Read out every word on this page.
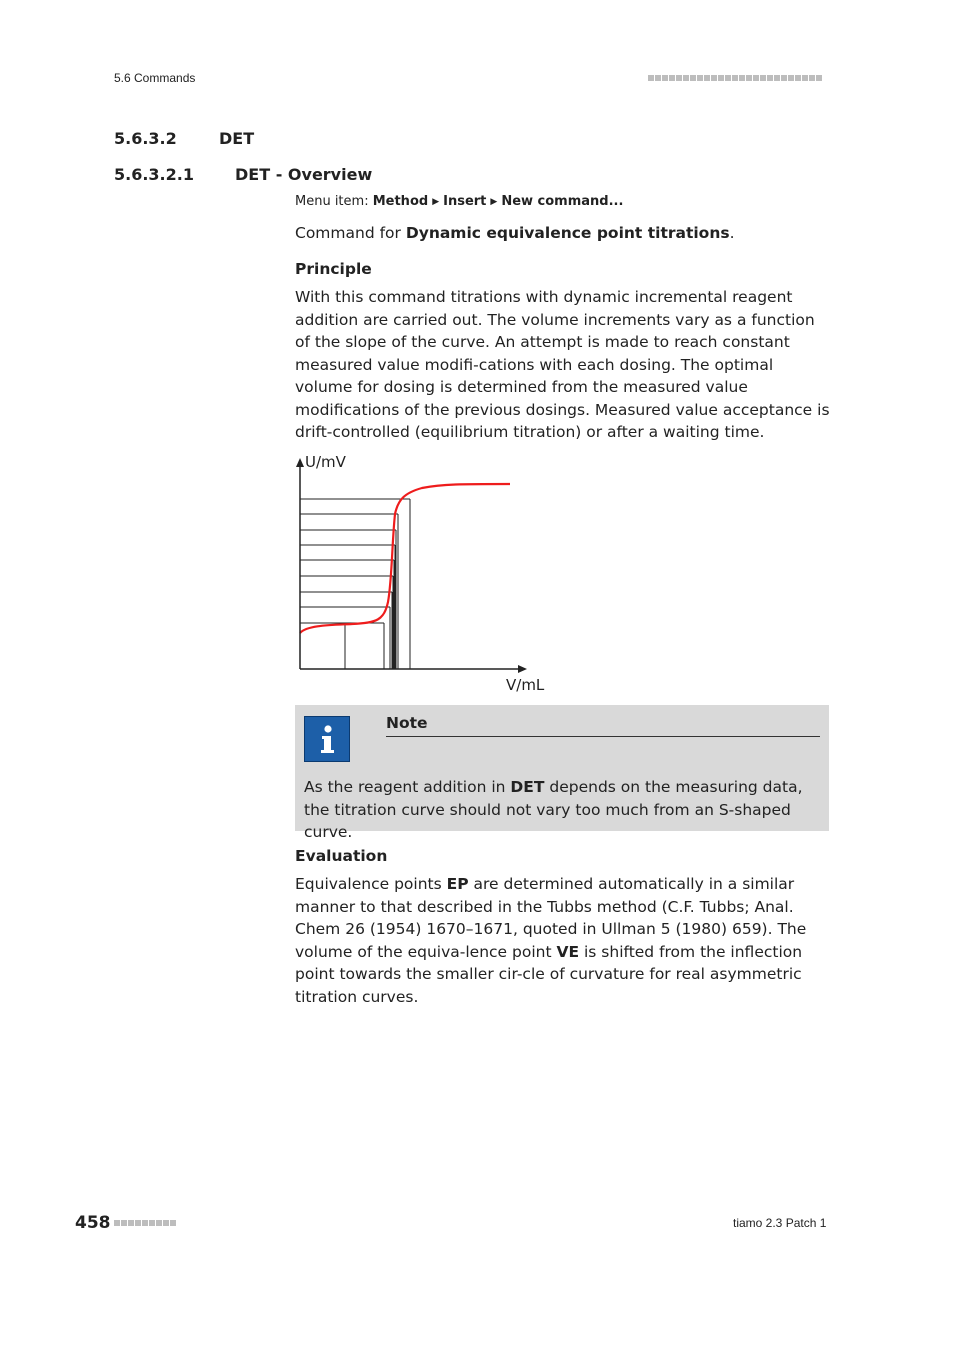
5.6 Commands
5.6.3.2	DET
5.6.3.2.1	DET - Overview
Menu item: Method ▶ Insert ▶ New command...
Command for Dynamic equivalence point titrations.
Principle
With this command titrations with dynamic incremental reagent addition are carried out. The volume increments vary as a function of the slope of the curve. An attempt is made to reach constant measured value modifi-cations with each dosing. The optimal volume for dosing is determined from the measured value modifications of the previous dosings. Measured value acceptance is drift-controlled (equilibrium titration) or after a waiting time.
U/mV
V/mL
Note
As the reagent addition in DET depends on the measuring data, the titration curve should not vary too much from an S-shaped curve.
Evaluation
Equivalence points EP are determined automatically in a similar manner to that described in the Tubbs method (C.F. Tubbs; Anal. Chem 26 (1954) 1670–1671, quoted in Ullman 5 (1980) 659). The volume of the equiva-lence point VE is shifted from the inflection point towards the smaller cir-cle of curvature for real asymmetric titration curves.
458	tiamo 2.3 Patch 1
